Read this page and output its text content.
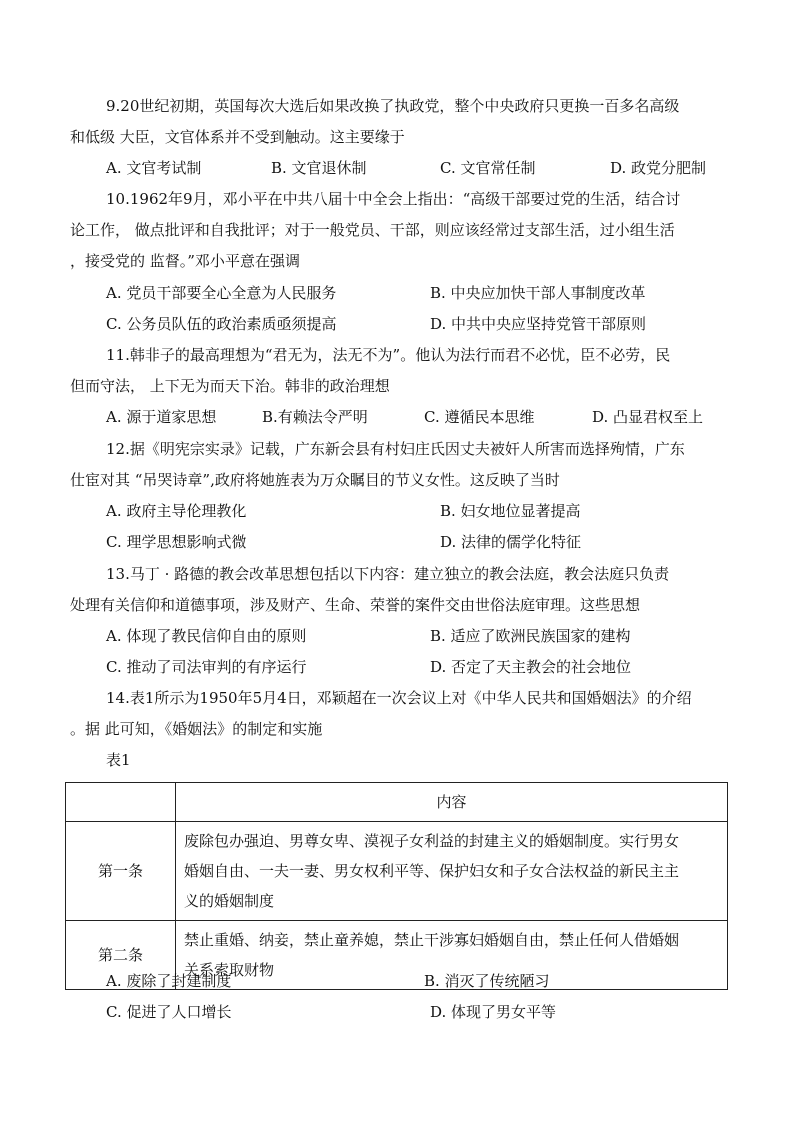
9.20世纪初期，英国每次大选后如果改换了执政党，整个中央政府只更换一百多名高级
和低级 大臣，文官体系并不受到触动。这主要缘于
A. 文官考试制	B. 文官退休制	C. 文官常任制	D. 政党分肥制
10.1962年9月，邓小平在中共八届十中全会上指出：“高级干部要过党的生活，结合讨
论工作， 做点批评和自我批评；对于一般党员、干部，则应该经常过支部生活，过小组生活
，接受党的 监督。”邓小平意在强调
A. 党员干部要全心全意为人民服务	B. 中央应加快干部人事制度改革
C. 公务员队伍的政治素质亟须提高	D. 中共中央应坚持党管干部原则
11.韩非子的最高理想为“君无为，法无不为”。他认为法行而君不必忧，臣不必劳，民
但而守法， 上下无为而天下治。韩非的政治理想
A. 源于道家思想	B.有赖法令严明	C. 遵循民本思维	D. 凸显君权至上
12.据《明宪宗实录》记载，广东新会县有村妇庄氏因丈夫被奸人所害而选择殉情，广东
仕宦对其 “吊哭诗章”,政府将她旌表为万众瞩目的节义女性。这反映了当时
A. 政府主导伦理教化	B. 妇女地位显著提高
C. 理学思想影响式微	D. 法律的儒学化特征
13.马丁 · 路德的教会改革思想包括以下内容：建立独立的教会法庭，教会法庭只负责
处理有关信仰和道德事项，涉及财产、生命、荣誉的案件交由世俗法庭审理。这些思想
A. 体现了教民信仰自由的原则	B. 适应了欧洲民族国家的建构
C. 推动了司法审判的有序运行	D. 否定了天主教会的社会地位
14.表1所示为1950年5月4日，邓颖超在一次会议上对《中华人民共和国婚姻法》的介绍
。据 此可知，《婚姻法》的制定和实施
表1
	内容
第一条	废除包办强迫、男尊女卑、漠视子女利益的封建主义的婚姻制度。实行男女
婚姻自由、一夫一妻、男女权利平等、保护妇女和子女合法权益的新民主主
义的婚姻制度

第二条	禁止重婚、纳妾，禁止童养媳，禁止干涉寡妇婚姻自由，禁止任何人借婚姻
关系索取财物
A. 废除了封建制度	B. 消灭了传统陋习
C. 促进了人口增长	D. 体现了男女平等
